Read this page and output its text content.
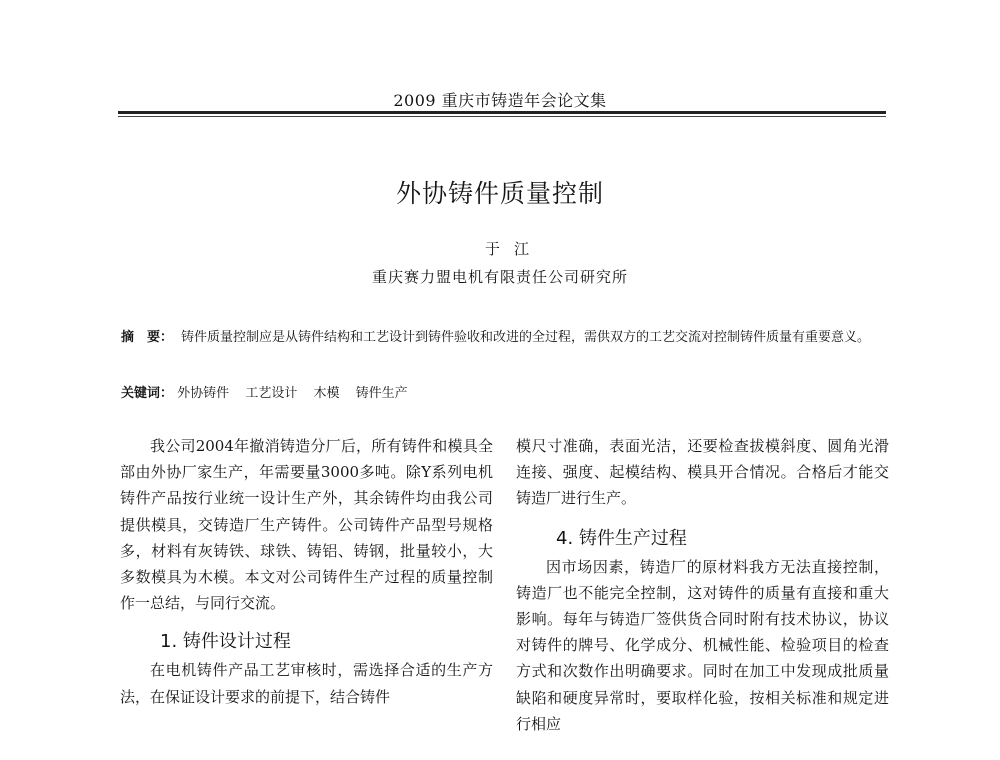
2009 重庆市铸造年会论文集
外协铸件质量控制
于江
重庆赛力盟电机有限责任公司研究所
摘　要： 铸件质量控制应是从铸件结构和工艺设计到铸件验收和改进的全过程，需供双方的工艺交流对控制铸件质量有重要意义。
关键词： 外协铸件 工艺设计 木模 铸件生产

我公司2004年撤消铸造分厂后，所有铸件和模具全部由外协厂家生产，年需要量3000多吨。除Y系列电机铸件产品按行业统一设计生产外，其余铸件均由我公司提供模具，交铸造厂生产铸件。公司铸件产品型号规格多，材料有灰铸铁、球铁、铸铝、铸钢，批量较小，大多数模具为木模。本文对公司铸件生产过程的质量控制作一总结，与同行交流。

1. 铸件设计过程

在电机铸件产品工艺审核时，需选择合适的生产方法，在保证设计要求的前提下，结合铸件

模尺寸准确，表面光洁，还要检查拔模斜度、圆角光滑连接、强度、起模结构、模具开合情况。合格后才能交铸造厂进行生产。

4. 铸件生产过程

因市场因素，铸造厂的原材料我方无法直接控制，铸造厂也不能完全控制，这对铸件的质量有直接和重大影响。每年与铸造厂签供货合同时附有技术协议，协议对铸件的牌号、化学成分、机械性能、检验项目的检查方式和次数作出明确要求。同时在加工中发现成批质量缺陷和硬度异常时，要取样化验，按相关标准和规定进行相应
